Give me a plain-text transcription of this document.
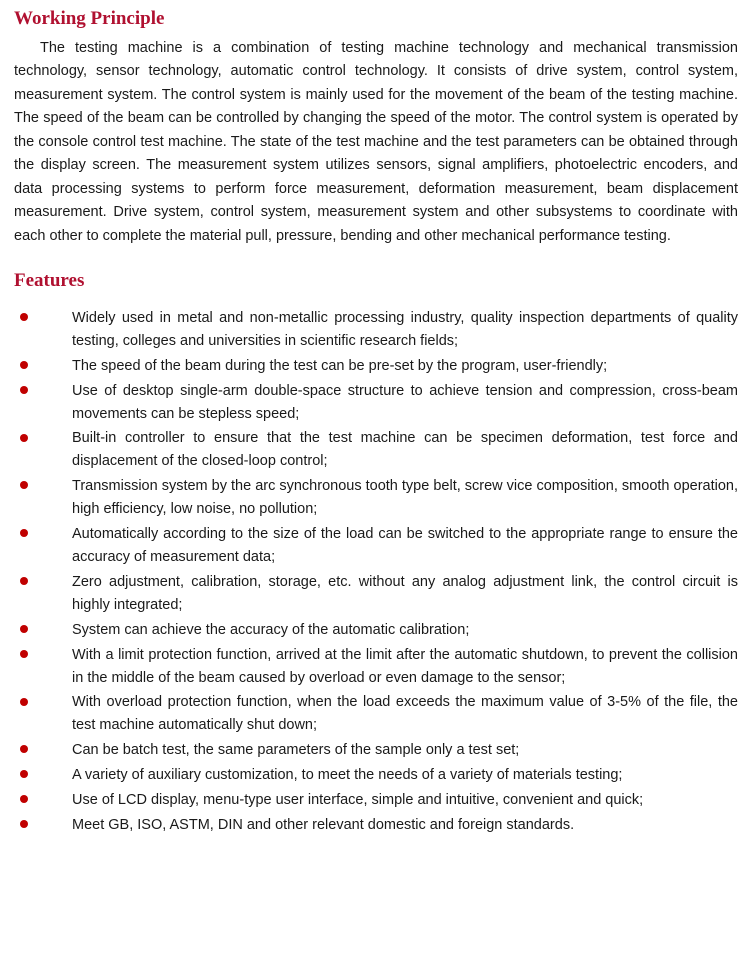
Working Principle

The testing machine is a combination of testing machine technology and mechanical transmission technology, sensor technology, automatic control technology. It consists of drive system, control system, measurement system. The control system is mainly used for the movement of the beam of the testing machine. The speed of the beam can be controlled by changing the speed of the motor. The control system is operated by the console control test machine. The state of the test machine and the test parameters can be obtained through the display screen. The measurement system utilizes sensors, signal amplifiers, photoelectric encoders, and data processing systems to perform force measurement, deformation measurement, beam displacement measurement. Drive system, control system, measurement system and other subsystems to coordinate with each other to complete the material pull, pressure, bending and other mechanical performance testing.

Features
Widely used in metal and non-metallic processing industry, quality inspection departments of quality testing, colleges and universities in scientific research fields;
The speed of the beam during the test can be pre-set by the program, user-friendly;
Use of desktop single-arm double-space structure to achieve tension and compression, cross-beam movements can be stepless speed;
Built-in controller to ensure that the test machine can be specimen deformation, test force and displacement of the closed-loop control;
Transmission system by the arc synchronous tooth type belt, screw vice composition, smooth operation, high efficiency, low noise, no pollution;
Automatically according to the size of the load can be switched to the appropriate range to ensure the accuracy of measurement data;
Zero adjustment, calibration, storage, etc. without any analog adjustment link, the control circuit is highly integrated;
System can achieve the accuracy of the automatic calibration;
With a limit protection function, arrived at the limit after the automatic shutdown, to prevent the collision in the middle of the beam caused by overload or even damage to the sensor;
With overload protection function, when the load exceeds the maximum value of 3-5% of the file, the test machine automatically shut down;
Can be batch test, the same parameters of the sample only a test set;
A variety of auxiliary customization, to meet the needs of a variety of materials testing;
Use of LCD display, menu-type user interface, simple and intuitive, convenient and quick;
Meet GB, ISO, ASTM, DIN and other relevant domestic and foreign standards.
